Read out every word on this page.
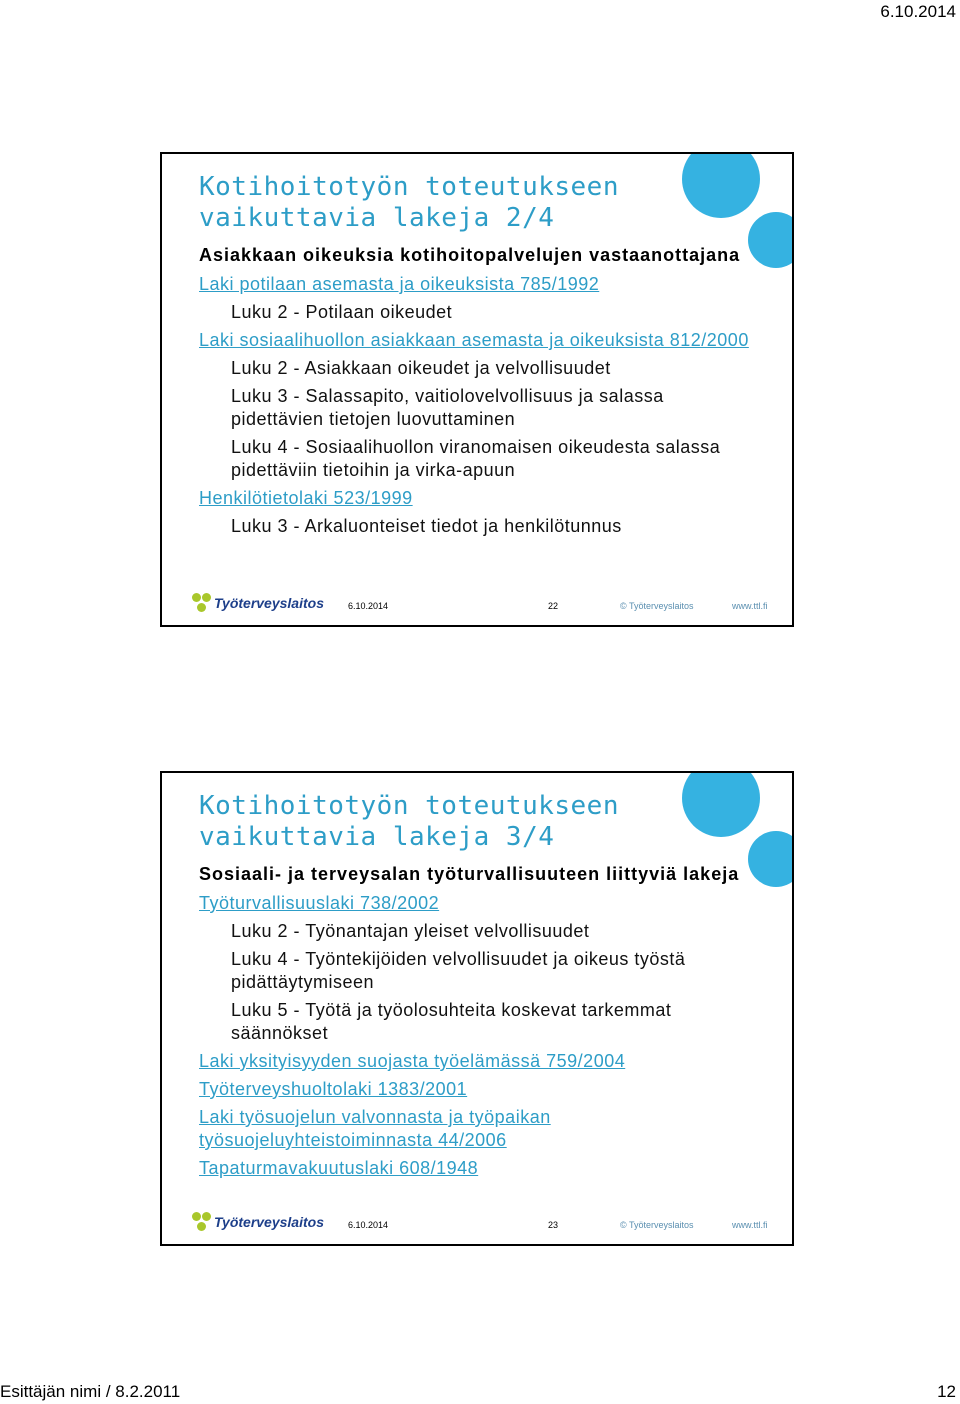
6.10.2014
Kotihoitotyön toteutukseen
vaikuttavia lakeja 2/4
Asiakkaan oikeuksia kotihoitopalvelujen vastaanottajana
Laki potilaan asemasta ja oikeuksista 785/1992
Luku 2 - Potilaan oikeudet
Laki sosiaalihuollon asiakkaan asemasta ja oikeuksista 812/2000
Luku 2 - Asiakkaan oikeudet ja velvollisuudet
Luku 3 - Salassapito, vaitiolovelvollisuus ja salassa pidettävien tietojen luovuttaminen
Luku 4 - Sosiaalihuollon viranomaisen oikeudesta salassa pidettäviin tietoihin ja virka-apuun
Henkilötietolaki 523/1999
Luku 3 - Arkaluonteiset tiedot ja henkilötunnus
Työterveyslaitos	6.10.2014	22	© Työterveyslaitos	www.ttl.fi
Kotihoitotyön toteutukseen
vaikuttavia lakeja 3/4
Sosiaali- ja terveysalan työturvallisuuteen liittyviä lakeja
Työturvallisuuslaki 738/2002
Luku 2 - Työnantajan yleiset velvollisuudet
Luku 4 - Työntekijöiden velvollisuudet ja oikeus työstä pidättäytymiseen
Luku 5 - Työtä ja työolosuhteita koskevat tarkemmat säännökset
Laki yksityisyyden suojasta työelämässä 759/2004
Työterveyshuoltolaki 1383/2001
Laki työsuojelun valvonnasta ja työpaikan työsuojeluyhteistoiminnasta 44/2006
Tapaturmavakuutuslaki 608/1948
Työterveyslaitos	6.10.2014	23	© Työterveyslaitos	www.ttl.fi
Esittäjän nimi / 8.2.2011	12
